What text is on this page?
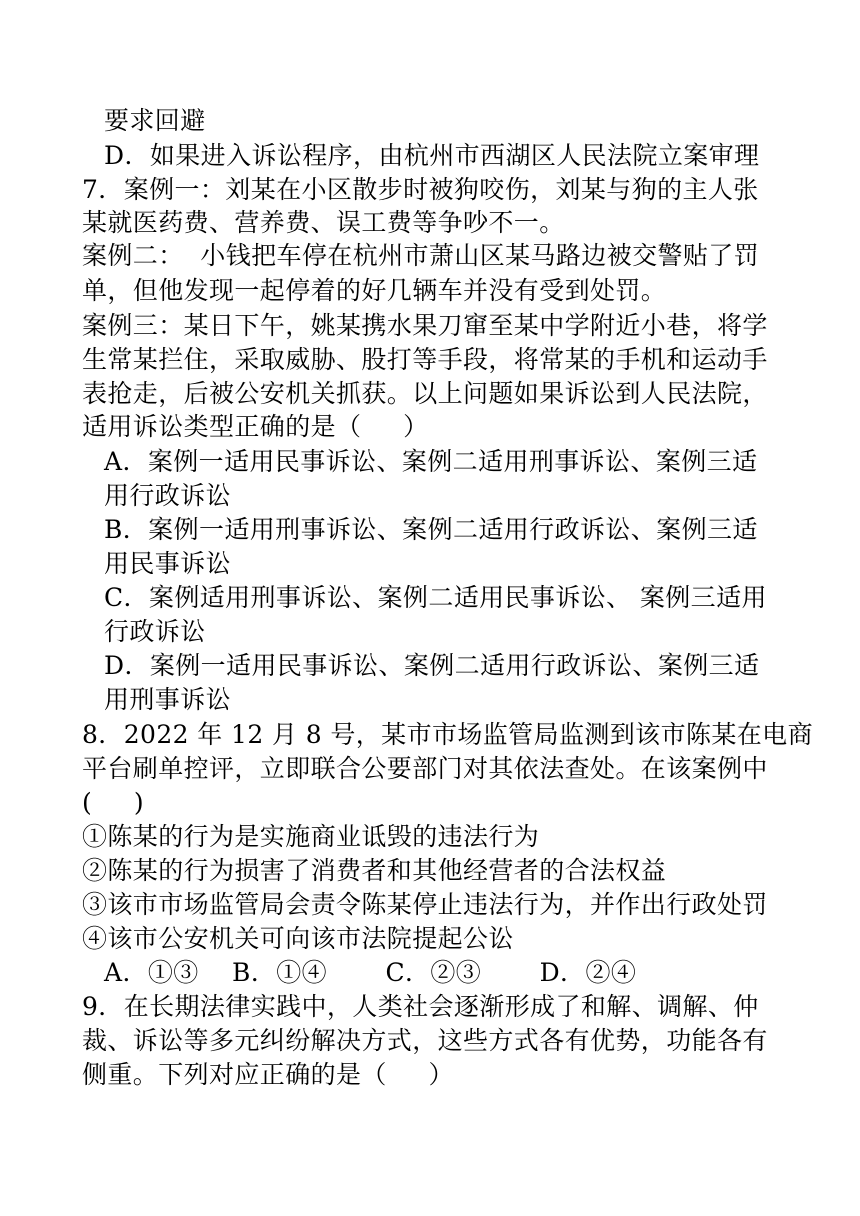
要求回避
D．如果进入诉讼程序，由杭州市西湖区人民法院立案审理
7．案例一：刘某在小区散步时被狗咬伤，刘某与狗的主人张
某就医药费、营养费、误工费等争吵不一。
案例二：  小钱把车停在杭州市萧山区某马路边被交警贴了罚
单，但他发现一起停着的好几辆车并没有受到处罚。
案例三：某日下午，姚某携水果刀窜至某中学附近小巷，将学
生常某拦住，采取威胁、股打等手段，将常某的手机和运动手
表抢走，后被公安机关抓获。以上问题如果诉讼到人民法院，
适用诉讼类型正确的是（     ）
A．案例一适用民事诉讼、案例二适用刑事诉讼、案例三适
用行政诉讼
B．案例一适用刑事诉讼、案例二适用行政诉讼、案例三适
用民事诉讼
C．案例适用刑事诉讼、案例二适用民事诉讼、 案例三适用
行政诉讼
D．案例一适用民事诉讼、案例二适用行政诉讼、案例三适
用刑事诉讼
8．2022 年 12 月 8 号，某市市场监管局监测到该市陈某在电商
平台刷单控评，立即联合公要部门对其依法查处。在该案例中
(     )
①陈某的行为是实施商业诋毁的违法行为
②陈某的行为损害了消费者和其他经营者的合法权益
③该市市场监管局会责令陈某停止违法行为，并作出行政处罚
④该市公安机关可向该市法院提起公讼
A．①③    B．①④       C．②③       D．②④
9．在长期法律实践中，人类社会逐渐形成了和解、调解、仲
裁、诉讼等多元纠纷解决方式，这些方式各有优势，功能各有
侧重。下列对应正确的是（     ）
